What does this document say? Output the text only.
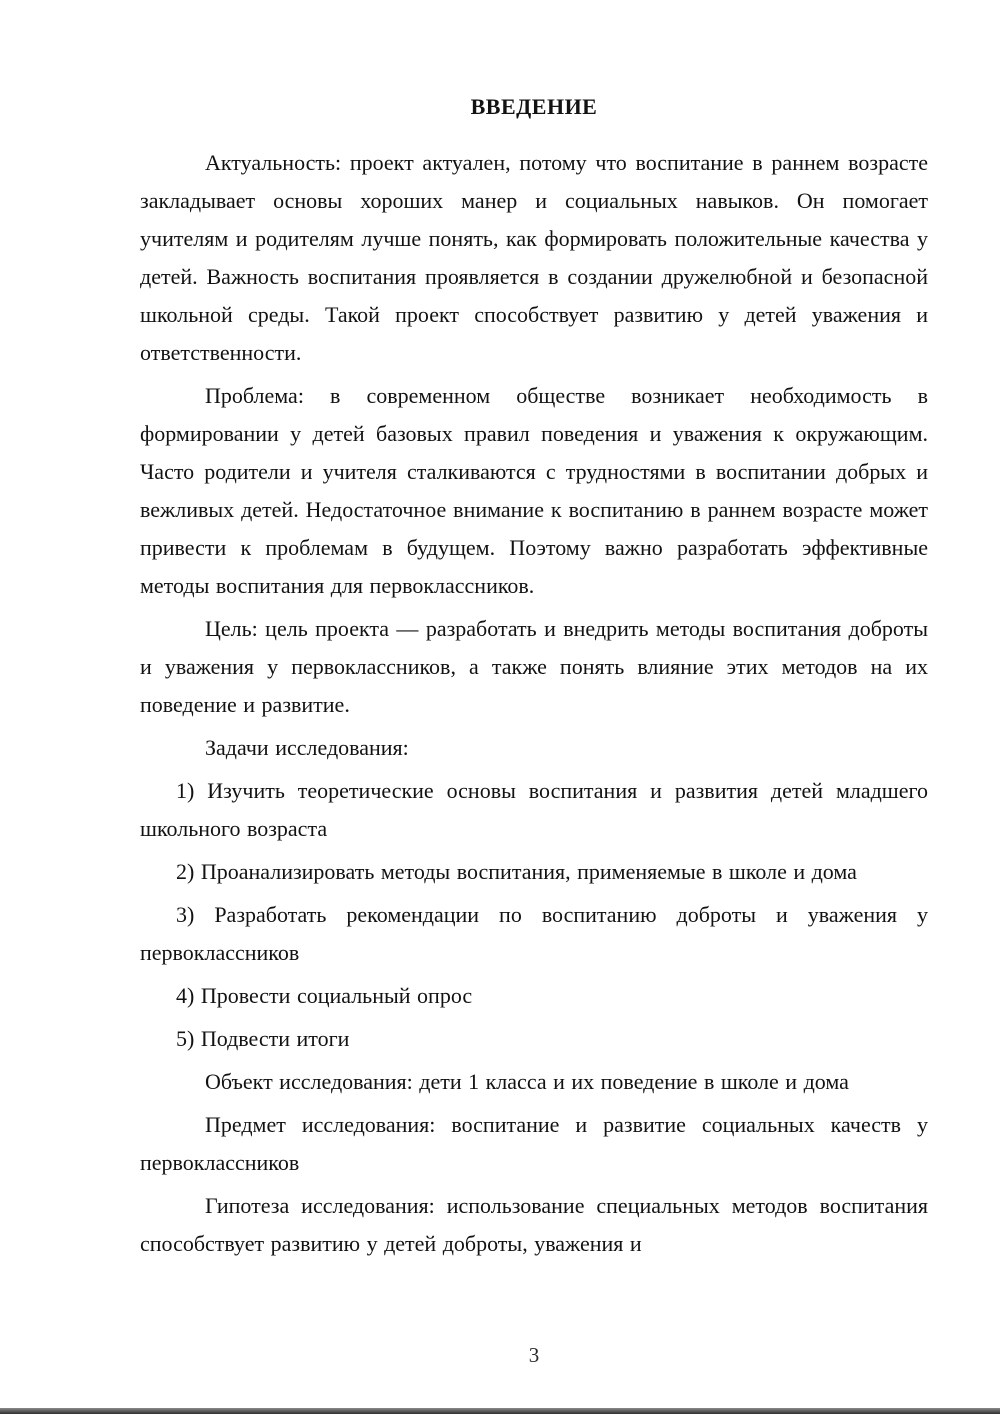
ВВЕДЕНИЕ

Актуальность: проект актуален, потому что воспитание в раннем возрасте закладывает основы хороших манер и социальных навыков. Он помогает учителям и родителям лучше понять, как формировать положительные качества у детей. Важность воспитания проявляется в создании дружелюбной и безопасной школьной среды. Такой проект способствует развитию у детей уважения и ответственности.

Проблема: в современном обществе возникает необходимость в формировании у детей базовых правил поведения и уважения к окружающим. Часто родители и учителя сталкиваются с трудностями в воспитании добрых и вежливых детей. Недостаточное внимание к воспитанию в раннем возрасте может привести к проблемам в будущем. Поэтому важно разработать эффективные методы воспитания для первоклассников.

Цель: цель проекта — разработать и внедрить методы воспитания доброты и уважения у первоклассников, а также понять влияние этих методов на их поведение и развитие.

Задачи исследования:

1) Изучить теоретические основы воспитания и развития детей младшего школьного возраста

2) Проанализировать методы воспитания, применяемые в школе и дома

3) Разработать рекомендации по воспитанию доброты и уважения у первоклассников

4) Провести социальный опрос

5) Подвести итоги

Объект исследования: дети 1 класса и их поведение в школе и дома

Предмет исследования: воспитание и развитие социальных качеств у первоклассников

Гипотеза исследования: использование специальных методов воспитания способствует развитию у детей доброты, уважения и

3
